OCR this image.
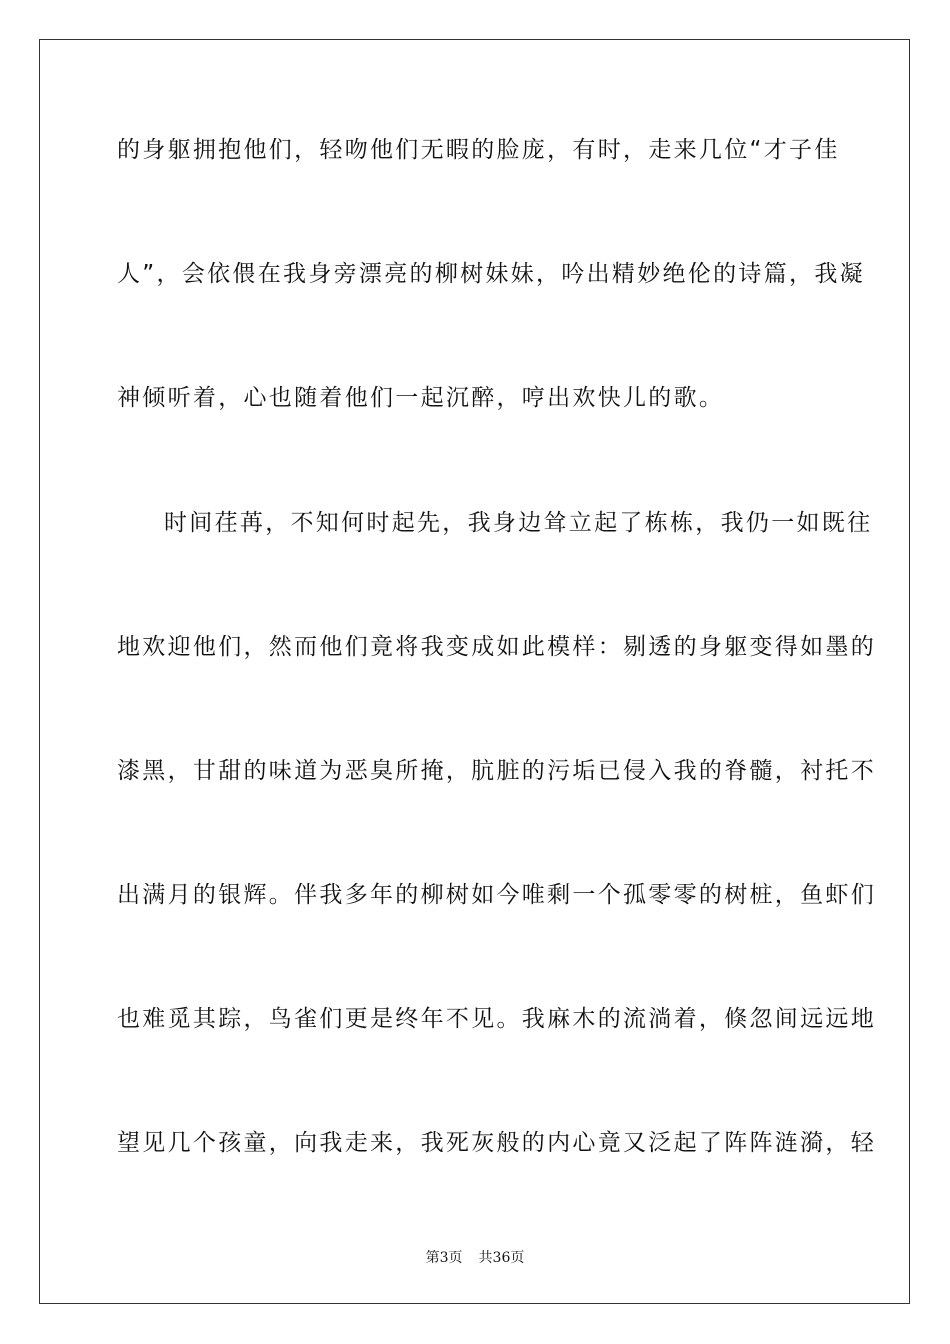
的身躯拥抱他们，轻吻他们无暇的脸庞，有时，走来几位“才子佳
人”，会依偎在我身旁漂亮的柳树妹妹，吟出精妙绝伦的诗篇，我凝
神倾听着，心也随着他们一起沉醉，哼出欢快儿的歌。
时间荏苒，不知何时起先，我身边耸立起了栋栋，我仍一如既往
地欢迎他们，然而他们竟将我变成如此模样：剔透的身躯变得如墨的
漆黑，甘甜的味道为恶臭所掩，肮脏的污垢已侵入我的脊髓，衬托不
出满月的银辉。伴我多年的柳树如今唯剩一个孤零零的树桩，鱼虾们
也难觅其踪，鸟雀们更是终年不见。我麻木的流淌着，倏忽间远远地
望见几个孩童，向我走来，我死灰般的内心竟又泛起了阵阵涟漪，轻
第3页 共36页
